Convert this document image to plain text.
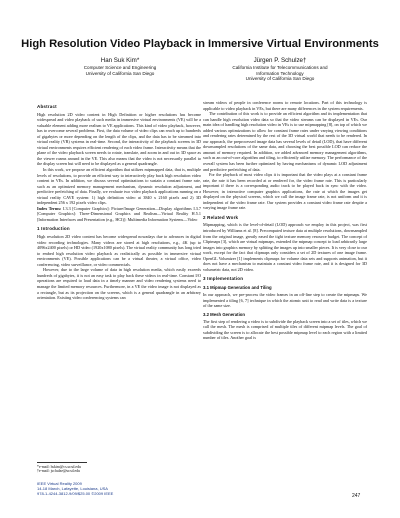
High Resolution Video Playback in Immersive Virtual Environments
Han Suk Kim*
Computer Science and Engineering
University of California San Diego
Jürgen P. Schulze†
California Institute for Telecommunications and
Information Technology
University of California San Diego
Abstract

High resolution 2D video content in High Definition or higher resolutions has become widespread and video playback of such media in immersive virtual environments (VE) will be a valuable element adding more realism to VE applications. This kind of video playback, however, has to overcome several problems. First, the data volume of video clips can reach up to hundreds of gigabytes or more depending on the length of the clips, and the data has to be streamed into virtual reality (VR) systems in real-time. Second, the interactivity of the playback screens in 3D virtual environments requires efficient rendering of each video frame. Interactivity means that the plane of the video playback screen needs to rotate, translate, and zoom in and out in 3D space as the viewer roams around in the VE. This also means that the video is not necessarily parallel to the display screen but will need to be displayed as a general quadrangle.

In this work, we propose an efficient algorithm that utilizes mipmapped data, that is, multiple levels of resolutions, to provide an efficient way to interactively play back high resolution video content in VEs. In addition, we discuss several optimizations to sustain a constant frame rate, such as an optimized memory management mechanism, dynamic resolution adjustment, and predictive prefetching of data. Finally, we evaluate two video playback applications running on a virtual reality CAVE system: 1) high definition video at 3840 x 2160 pixels and 2) 3D independent 256 x 192 pixels video clips.

Index Terms: I.3.3 [Computer Graphics]: Picture/Image Generation—Display algorithms I.3.7 [Computer Graphics]: Three-Dimensional Graphics and Realism—Virtual Reality H.5.1 [Information Interfaces and Presentation (e.g., HCI)]: Multimedia Information Systems—Video

1 Introduction

High resolution 2D video content has become widespread nowadays due to advances in digital video recording technologies. Many videos are stored at high resolutions, e.g., 4K (up to 4096x2400 pixels) or HD video (1920x1080 pixels). The virtual reality community has long tried to embed high resolution video playback as realistically as possible in immersive virtual environments (VE). Possible applications can be a virtual theater, a virtual office, video conferencing, video surveillance, or video commercials.

However, due to the large volume of data in high resolution media, which easily exceeds hundreds of gigabytes, it is not an easy task to play back these videos in real-time. Constant I/O operations are required to load data in a timely manner and video rendering systems need to manage the limited memory resources. Furthermore, in a VE the video image is not displayed as a rectangle, but as its projection on the screens, which is a general quadrangle in an arbitrary orientation. Existing video conferencing systems can

*e-mail: hskim@cs.ucsd.edu
†e-mail: jschulze@ucsd.edu
IEEE Virtual Reality 2009
14-18 March, Lafayette, Louisiana, USA
978-1-4244-3812-9/09/$25.00 ©2009 IEEE

stream videos of people in conference rooms to remote locations. Part of this technology is applicable to video playback in VEs, but there are many differences in the system requirements.

The contribution of this work is to provide an efficient algorithm and its implementation that can handle high resolution video data so that the video streams can be displayed in VEs. Our main idea of handling high resolution video in VEs is to use mipmapping [8], on top of which we added various optimizations to allow for constant frame rates under varying viewing conditions and rendering rates determined by the rest of the 3D virtual world that needs to be rendered. In our approach, the preprocessed image data has several levels of detail (LOD), that have different downsampled resolutions of the same data, and choosing the best possible LOD can reduce the amount of memory required. In addition, we added advanced memory management algorithms, such as an out-of-core algorithm and tiling, to efficiently utilize memory. The performance of the overall system has been further optimized by having mechanisms of dynamic LOD adjustment and predictive prefetching of data.

For the playback of most video clips it is important that the video plays at a constant frame rate, the rate it has been recorded at or rendered for, the video frame rate. This is particularly important if there is a corresponding audio track to be played back in sync with the video. However, in interactive computer graphics applications, the rate at which the images get displayed on the physical screens, which we call the image frame rate, is not uniform and it is independent of the video frame rate. Our system provides a constant video frame rate despite a varying image frame rate.

2 Related Work

Mipmapping, which is the level-of-detail (LOD) approach we employ in this project, was first introduced by Williams et al. [8]. Precomputed texture data at multiple resolutions, downsampled from the original image, greatly eased the tight texture memory resource budget. The concept of Cliptmaps [3], which are virtual mipmaps, extended the mipmap concept to load arbitrarily large images into graphics memory by splitting the images up into smaller pieces. It is very close to our work, except for the fact that clipmaps only considers a set of 2D textures of one image frame. OpenGL Volumizer [1] implements clipmaps for volume data sets and supports animation, but it does not have a mechanism to maintain a constant video frame rate, and it is designed for 3D volumetric data, not 2D video.

3 Implementation
3.1 Mipmap Generation and Tiling

In our approach, we pre-process the video frames in an off-line step to create the mipmaps. We implemented a tiling [6, 7] technique in which the atomic unit to read and write data is a texture of the same size.

3.2 Mesh Generation

The first step of rendering a video is to subdivide the playback screen into a set of tiles, which we call the mesh. The mesh is comprised of multiple tiles of different mipmap levels. The goal of subdividing the screen is to allocate the best possible mipmap level to each region with a limited number of tiles. Another goal is

247
